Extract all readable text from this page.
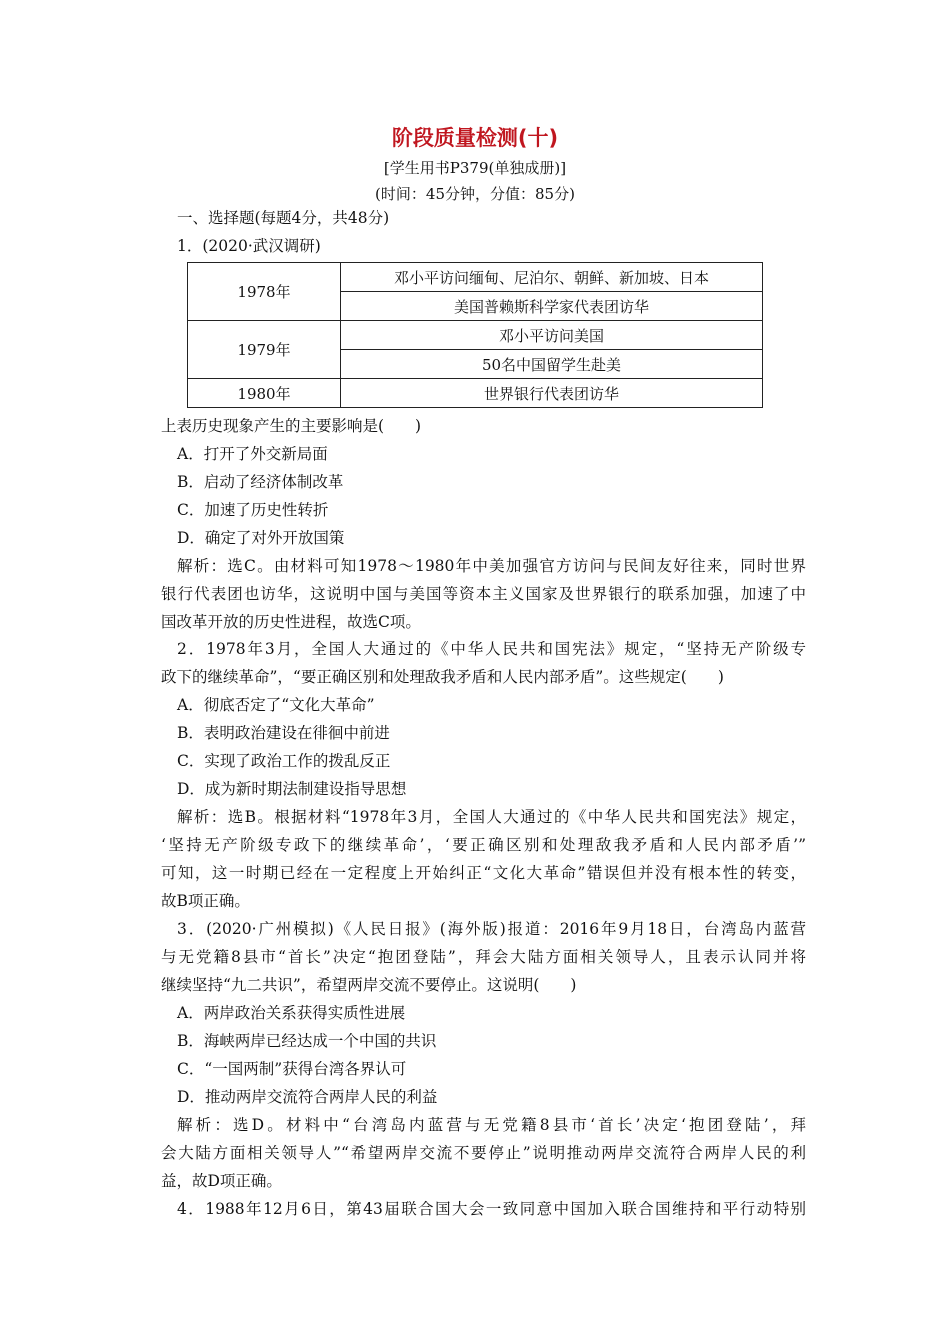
阶段质量检测(十)
[学生用书P379(单独成册)]
(时间：45分钟，分值：85分)
一、选择题(每题4分，共48分)
1．(2020·武汉调研)
1978年	邓小平访问缅甸、尼泊尔、朝鲜、新加坡、日本
	美国普赖斯科学家代表团访华
1979年	邓小平访问美国
	50名中国留学生赴美
1980年	世界银行代表团访华
上表历史现象产生的主要影响是(　　)
A．打开了外交新局面
B．启动了经济体制改革
C．加速了历史性转折
D．确定了对外开放国策
解析：选C。由材料可知1978～1980年中美加强官方访问与民间友好往来，同时世界
银行代表团也访华，这说明中国与美国等资本主义国家及世界银行的联系加强，加速了中
国改革开放的历史性进程，故选C项。
2．1978年3月，全国人大通过的《中华人民共和国宪法》规定，“坚持无产阶级专
政下的继续革命”，“要正确区别和处理敌我矛盾和人民内部矛盾”。这些规定(　　)
A．彻底否定了“文化大革命”
B．表明政治建设在徘徊中前进
C．实现了政治工作的拨乱反正
D．成为新时期法制建设指导思想
解析：选B。根据材料“1978年3月，全国人大通过的《中华人民共和国宪法》规定，
‘坚持无产阶级专政下的继续革命’，‘要正确区别和处理敌我矛盾和人民内部矛盾’”
可知，这一时期已经在一定程度上开始纠正“文化大革命”错误但并没有根本性的转变，
故B项正确。
3．(2020·广州模拟)《人民日报》(海外版)报道：2016年9月18日，台湾岛内蓝营
与无党籍8县市“首长”决定“抱团登陆”，拜会大陆方面相关领导人，且表示认同并将
继续坚持“九二共识”，希望两岸交流不要停止。这说明(　　)
A．两岸政治关系获得实质性进展
B．海峡两岸已经达成一个中国的共识
C．“一国两制”获得台湾各界认可
D．推动两岸交流符合两岸人民的利益
解析：选D。材料中“台湾岛内蓝营与无党籍8县市‘首长’决定‘抱团登陆’，拜
会大陆方面相关领导人”“希望两岸交流不要停止”说明推动两岸交流符合两岸人民的利
益，故D项正确。
4．1988年12月6日，第43届联合国大会一致同意中国加入联合国维持和平行动特别
